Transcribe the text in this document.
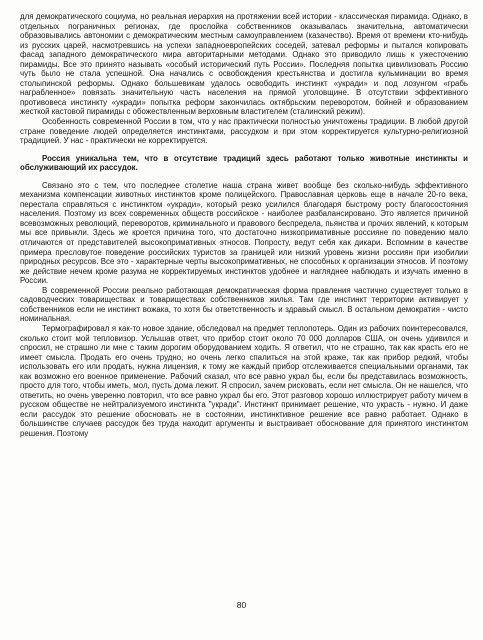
для демократического социума, но реальная иерархия на протяжении всей истории - классическая пирамида. Однако, в отдельных пограничных регионах, где прослойка собственников оказывалась значительна, автоматически образовывались автономии с демократическим местным самоуправлением (казачество). Время от времени кто-нибудь из русских царей, насмотревшись на успехи западноевропейских соседей, затевал реформы и пытался копировать фасад западного демократического мира авторитарными методами. Однако это приводило лишь к ужесточению пирамиды. Все это принято называть «особый исторический путь России». Последняя попытка цивилизовать Россию чуть было не стала успешной. Она начались с освобождения крестьянства и достигла кульминации во время столыпинской реформы. Однако большевикам удалось освободить инстинкт «укради» и под лозунгом «грабь награбленное» повязать значительную часть населения на прямой уголовщине. В отсутствии эффективного противовеса инстинкту «укради» попытка реформ закончилась октябрьским переворотом, бойней и образованием жесткой кастовой пирамиды с обожествленным верховным властителем (сталинский режим).

Особенность современной России в том, что у нас практически полностью уничтожены традиции. В любой другой стране поведение людей определяется инстинктами, рассудком и при этом корректируется культурно-религиозной традицией. У нас - практически не корректируется.

Россия уникальна тем, что в отсутствие традиций здесь работают только животные инстинкты и обслуживающий их рассудок.

Связано это с тем, что последнее столетие наша страна живет вообще без сколько-нибудь эффективного механизма компенсации животных инстинктов кроме полицейского. Православная церковь еще в начале 20-го века, перестала справляться с инстинктом «укради», который резко усилился благодаря быстрому росту благосостояния населения. Поэтому из всех современных обществ российское - наиболее разбалансировано. Это является причиной всевозможных революций, переворотов, криминального и правового беспредела, пьянства и прочих явлений, к которым мы все привыкли. Здесь же кроется причина того, что достаточно низкопримативные россияне по поведению мало отличаются от представителей высокопримативных этносов. Попросту, ведут себя как дикари. Вспомним в качестве примера пресловутое поведение российских туристов за границей или низкий уровень жизни россиян при изобилии природных ресурсов. Все это - характерные черты высокопримативных, не способных к организации этносов. И поэтому же действие нечем кроме разума не корректируемых инстинктов удобнее и нагляднее наблюдать и изучать именно в России.

В современной России реально работающая демократическая форма правления частично существует только в садоводческих товариществах и товариществах собственников жилья. Там где инстинкт территории активирует у собственников если не инстинкт вожака, то хотя бы ответственность и здравый смысл. В остальном демократия - чисто номинальная.

Термографировал я как-то новое здание, обследовал на предмет теплопотерь. Один из рабочих поинтересовался, сколько стоит мой тепловизор. Услышав ответ, что прибор стоит около 70 000 долларов США, он очень удивился и спросил, не страшно ли мне с таким дорогим оборудованием ходить. Я ответил, что не страшно, так как красть его не имеет смысла. Продать его очень трудно, но очень легко спалиться на этой краже, так как прибор редкий, чтобы использовать его или продать, нужна лицензия, к тому же каждый прибор отслеживается специальными органами, так как возможно его военное применение. Рабочий сказал, что все равно украл бы, если бы представилась возможность, просто для того, чтобы иметь, мол, пусть дома лежит. Я спросил, зачем рисковать, если нет смысла. Он не нашелся, что ответить, но очень уверенно повторил, что все равно украл бы его. Этот разговор хорошо иллюстрирует работу мичем в русском обществе не нейтрализуемого инстинкта "укради". Инстинкт принимает решение, что украсть - нужно. И даже если рассудок это решение обосновать не в состоянии, инстинктивное решение все равно работает. Однако в большинстве случаев рассудок без труда находит аргументы и выстраивает обоснование для принятого инстинктом решения. Поэтому

80
